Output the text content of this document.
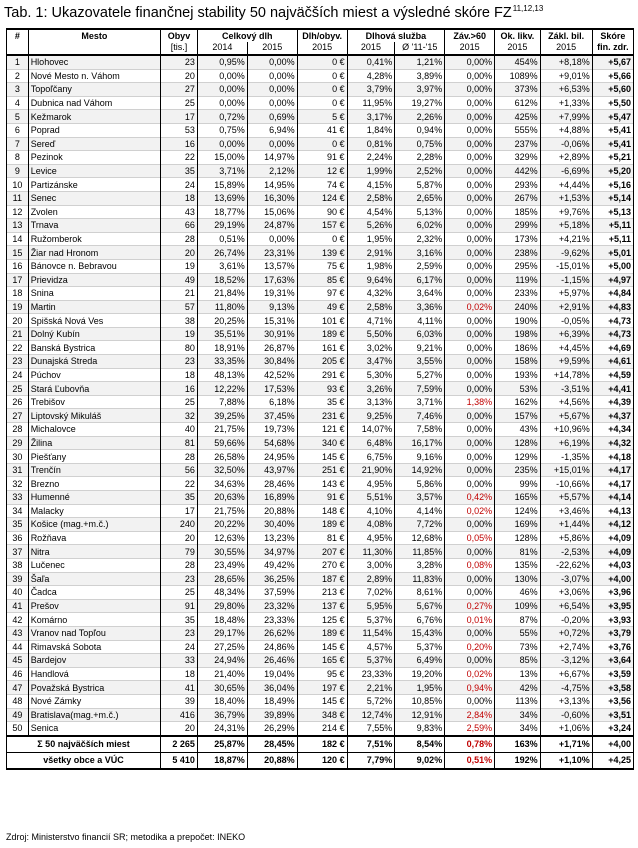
Tab. 1: Ukazovatele finančnej stability 50 najväčších miest a výsledné skóre FZ$^{11,12,13}$
#	Mesto	Obyv	Celkový dlh		Dlh/obyv.	Dlhová služba		Záv.>60	Ok. likv.	Zákl. bil.	Skóre
		[tis.]	2014	2015	2015	2015	Ø '11-'15	2015	2015	2015	fin. zdr.
1	Hlohovec	23	0,95%	0,00%	0 €	0,41%	1,21%	0,00%	454%	+8,18%	+5,67
2	Nové Mesto n. Váhom	20	0,00%	0,00%	0 €	4,28%	3,89%	0,00%	1089%	+9,01%	+5,66
3	Topoľčany	27	0,00%	0,00%	0 €	3,79%	3,97%	0,00%	373%	+6,53%	+5,60
4	Dubnica nad Váhom	25	0,00%	0,00%	0 €	11,95%	19,27%	0,00%	612%	+1,33%	+5,50
5	Kežmarok	17	0,72%	0,69%	5 €	3,17%	2,26%	0,00%	425%	+7,99%	+5,47
6	Poprad	53	0,75%	6,94%	41 €	1,84%	0,94%	0,00%	555%	+4,88%	+5,41
7	Sereď	16	0,00%	0,00%	0 €	0,81%	0,75%	0,00%	237%	-0,06%	+5,41
8	Pezinok	22	15,00%	14,97%	91 €	2,24%	2,28%	0,00%	329%	+2,89%	+5,21
9	Levice	35	3,71%	2,12%	12 €	1,99%	2,52%	0,00%	442%	-6,69%	+5,20
10	Partizánske	24	15,89%	14,95%	74 €	4,15%	5,87%	0,00%	293%	+4,44%	+5,16
11	Senec	18	13,69%	16,30%	124 €	2,58%	2,65%	0,00%	267%	+1,53%	+5,14
12	Zvolen	43	18,77%	15,06%	90 €	4,54%	5,13%	0,00%	185%	+9,76%	+5,13
13	Trnava	66	29,19%	24,87%	157 €	5,26%	6,02%	0,00%	299%	+5,18%	+5,11
14	Ružomberok	28	0,51%	0,00%	0 €	1,95%	2,32%	0,00%	173%	+4,21%	+5,11
15	Žiar nad Hronom	20	26,74%	23,31%	139 €	2,91%	3,16%	0,00%	238%	-9,62%	+5,01
16	Bánovce n. Bebravou	19	3,61%	13,57%	75 €	1,98%	2,59%	0,00%	295%	-15,01%	+5,00
17	Prievidza	49	18,52%	17,63%	85 €	9,64%	6,17%	0,00%	119%	-1,15%	+4,97
18	Snina	21	21,84%	19,31%	97 €	4,32%	3,64%	0,00%	233%	+5,97%	+4,84
19	Martin	57	11,80%	9,13%	49 €	2,58%	3,36%	0,02%	240%	+2,91%	+4,83
20	Spišská Nová Ves	38	20,25%	15,31%	101 €	4,71%	4,11%	0,00%	190%	-0,05%	+4,73
21	Dolný Kubín	19	35,51%	30,91%	189 €	5,50%	6,03%	0,00%	198%	+6,39%	+4,73
22	Banská Bystrica	80	18,91%	26,87%	161 €	3,02%	9,21%	0,00%	186%	+4,45%	+4,69
23	Dunajská Streda	23	33,35%	30,84%	205 €	3,47%	3,55%	0,00%	158%	+9,59%	+4,61
24	Púchov	18	48,13%	42,52%	291 €	5,30%	5,27%	0,00%	193%	+14,78%	+4,59
25	Stará Ľubovňa	16	12,22%	17,53%	93 €	3,26%	7,59%	0,00%	53%	-3,51%	+4,41
26	Trebišov	25	7,88%	6,18%	35 €	3,13%	3,71%	1,38%	162%	+4,56%	+4,39
27	Liptovský Mikuláš	32	39,25%	37,45%	231 €	9,25%	7,46%	0,00%	157%	+5,67%	+4,37
28	Michalovce	40	21,75%	19,73%	121 €	14,07%	7,58%	0,00%	43%	+10,96%	+4,34
29	Žilina	81	59,66%	54,68%	340 €	6,48%	16,17%	0,00%	128%	+6,19%	+4,32
30	Piešťany	28	26,58%	24,95%	145 €	6,75%	9,16%	0,00%	129%	-1,35%	+4,18
31	Trenčín	56	32,50%	43,97%	251 €	21,90%	14,92%	0,00%	235%	+15,01%	+4,17
32	Brezno	22	34,63%	28,46%	143 €	4,95%	5,86%	0,00%	99%	-10,66%	+4,17
33	Humenné	35	20,63%	16,89%	91 €	5,51%	3,57%	0,42%	165%	+5,57%	+4,14
34	Malacky	17	21,75%	20,88%	148 €	4,10%	4,14%	0,02%	124%	+3,46%	+4,13
35	Košice (mag.+m.č.)	240	20,22%	30,40%	189 €	4,08%	7,72%	0,00%	169%	+1,44%	+4,12
36	Rožňava	20	12,63%	13,23%	81 €	4,95%	12,68%	0,05%	128%	+5,86%	+4,09
37	Nitra	79	30,55%	34,97%	207 €	11,30%	11,85%	0,00%	81%	-2,53%	+4,09
38	Lučenec	28	23,49%	49,42%	270 €	3,00%	3,28%	0,08%	135%	-22,62%	+4,03
39	Šaľa	23	28,65%	36,25%	187 €	2,89%	11,83%	0,00%	130%	-3,07%	+4,00
40	Čadca	25	48,34%	37,59%	213 €	7,02%	8,61%	0,00%	46%	+3,06%	+3,96
41	Prešov	91	29,80%	23,32%	137 €	5,95%	5,67%	0,27%	109%	+6,54%	+3,95
42	Komárno	35	18,48%	23,33%	125 €	5,37%	6,76%	0,01%	87%	-0,20%	+3,93
43	Vranov nad Topľou	23	29,17%	26,62%	189 €	11,54%	15,43%	0,00%	55%	+0,72%	+3,79
44	Rimavská Sobota	24	27,25%	24,86%	145 €	4,57%	5,37%	0,20%	73%	+2,74%	+3,76
45	Bardejov	33	24,94%	26,46%	165 €	5,37%	6,49%	0,00%	85%	-3,12%	+3,64
46	Handlová	18	21,40%	19,04%	95 €	23,33%	19,20%	0,02%	13%	+6,67%	+3,59
47	Považská Bystrica	41	30,65%	36,04%	197 €	2,21%	1,95%	0,94%	42%	-4,75%	+3,58
48	Nové Zámky	39	18,40%	18,49%	145 €	5,72%	10,85%	0,00%	113%	+3,13%	+3,56
49	Bratislava(mag.+m.č.)	416	36,79%	39,89%	348 €	12,74%	12,91%	2,84%	34%	-0,60%	+3,51
50	Senica	20	24,31%	26,29%	214 €	7,55%	9,83%	2,59%	34%	+1,06%	+3,24
Σ 50 najväčších miest		2 265	25,87%	28,45%	182 €	7,51%	8,54%	0,78%	163%	+1,71%	+4,00
všetky obce a VÚC		5 410	18,87%	20,88%	120 €	7,79%	9,02%	0,51%	192%	+1,10%	+4,25
Zdroj: Ministerstvo financií SR; metodika a prepočet: INEKO
